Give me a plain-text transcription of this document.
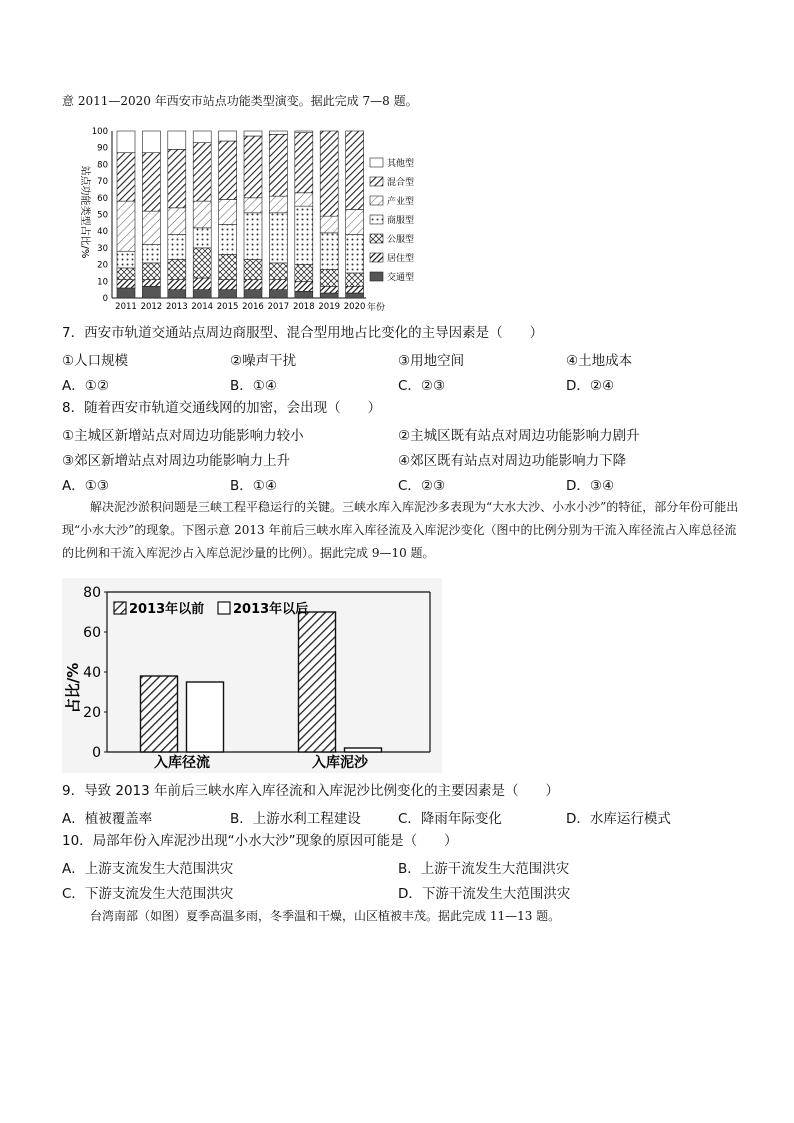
意 2011—2020 年西安市站点功能类型演变。据此完成 7—8 题。
站点功能类型占比/%
0
10
20
30
40
50
60
70
80
90
100
2011 2012 2013 2014 2015 2016 2017 2018 2019 2020 年份
其他型
混合型
产业型
商服型
公服型
居住型
交通型
7．西安市轨道交通站点周边商服型、混合型用地占比变化的主导因素是（　　）
①人口规模	②噪声干扰	③用地空间	④土地成本
A．①②	B．①④	C．②③	D．②④
8．随着西安市轨道交通线网的加密，会出现（　　）
①主城区新增站点对周边功能影响力较小	②主城区既有站点对周边功能影响力剧升
③郊区新增站点对周边功能影响力上升	④郊区既有站点对周边功能影响力下降
A．①③	B．①④	C．②③	D．③④
解决泥沙淤积问题是三峡工程平稳运行的关键。三峡水库入库泥沙多表现为“大水大沙、小水小沙”的特征，部分年份可能出现“小水大沙”的现象。下图示意 2013 年前后三峡水库入库径流及入库泥沙变化（图中的比例分别为干流入库径流占入库总径流的比例和干流入库泥沙占入库总泥沙量的比例）。据此完成 9—10 题。
占比/%
0
20
40
60
80
入库径流	入库泥沙
2013年以前 2013年以后
9．导致 2013 年前后三峡水库入库径流和入库泥沙比例变化的主要因素是（　　）
A．植被覆盖率	B．上游水利工程建设	C．降雨年际变化	D．水库运行模式
10．局部年份入库泥沙出现“小水大沙”现象的原因可能是（　　）
A．上游支流发生大范围洪灾	B．上游干流发生大范围洪灾
C．下游支流发生大范围洪灾	D．下游干流发生大范围洪灾
台湾南部（如图）夏季高温多雨，冬季温和干燥，山区植被丰茂。据此完成 11—13 题。
